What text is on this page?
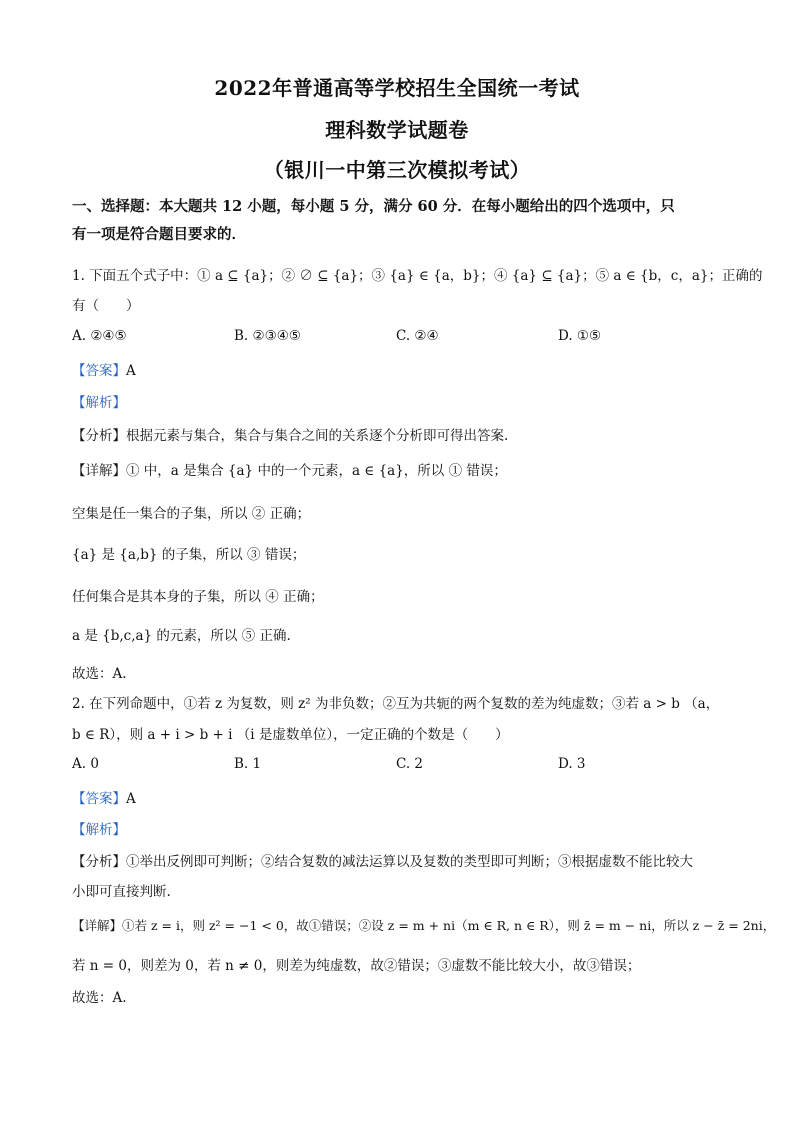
2022年普通高等学校招生全国统一考试
理科数学试题卷
（银川一中第三次模拟考试）
一、选择题：本大题共 12 小题，每小题 5 分，满分 60 分．在每小题给出的四个选项中，只
有一项是符合题目要求的．
1. 下面五个式子中：① a ⊆ {a}；② ∅ ⊆ {a}；③ {a} ∈ {a，b}；④ {a} ⊆ {a}；⑤ a ∈ {b，c，a}；正确的
有（　　）
A. ②④⑤	B. ②③④⑤	C. ②④	D. ①⑤
【答案】A
【解析】
【分析】根据元素与集合，集合与集合之间的关系逐个分析即可得出答案.
【详解】① 中，a 是集合 {a} 中的一个元素，a ∈ {a}，所以 ① 错误；
空集是任一集合的子集，所以 ② 正确；
{a} 是 {a,b} 的子集，所以 ③ 错误；
任何集合是其本身的子集，所以 ④ 正确；
a 是 {b,c,a} 的元素，所以 ⑤ 正确.
故选：A.
2. 在下列命题中，①若 z 为复数，则 z² 为非负数；②互为共轭的两个复数的差为纯虚数；③若 a > b （a，
b ∈ R），则 a + i > b + i （i 是虚数单位），一定正确的个数是（　　）
A. 0	B. 1	C. 2	D. 3
【答案】A
【解析】
【分析】①举出反例即可判断；②结合复数的减法运算以及复数的类型即可判断；③根据虚数不能比较大
小即可直接判断.
【详解】①若 z = i，则 z² = −1 < 0，故①错误；②设 z = m + ni（m ∈ R, n ∈ R），则 z̄ = m − ni，所以 z − z̄ = 2ni，
若 n = 0，则差为 0，若 n ≠ 0，则差为纯虚数，故②错误；③虚数不能比较大小，故③错误；
故选：A.
